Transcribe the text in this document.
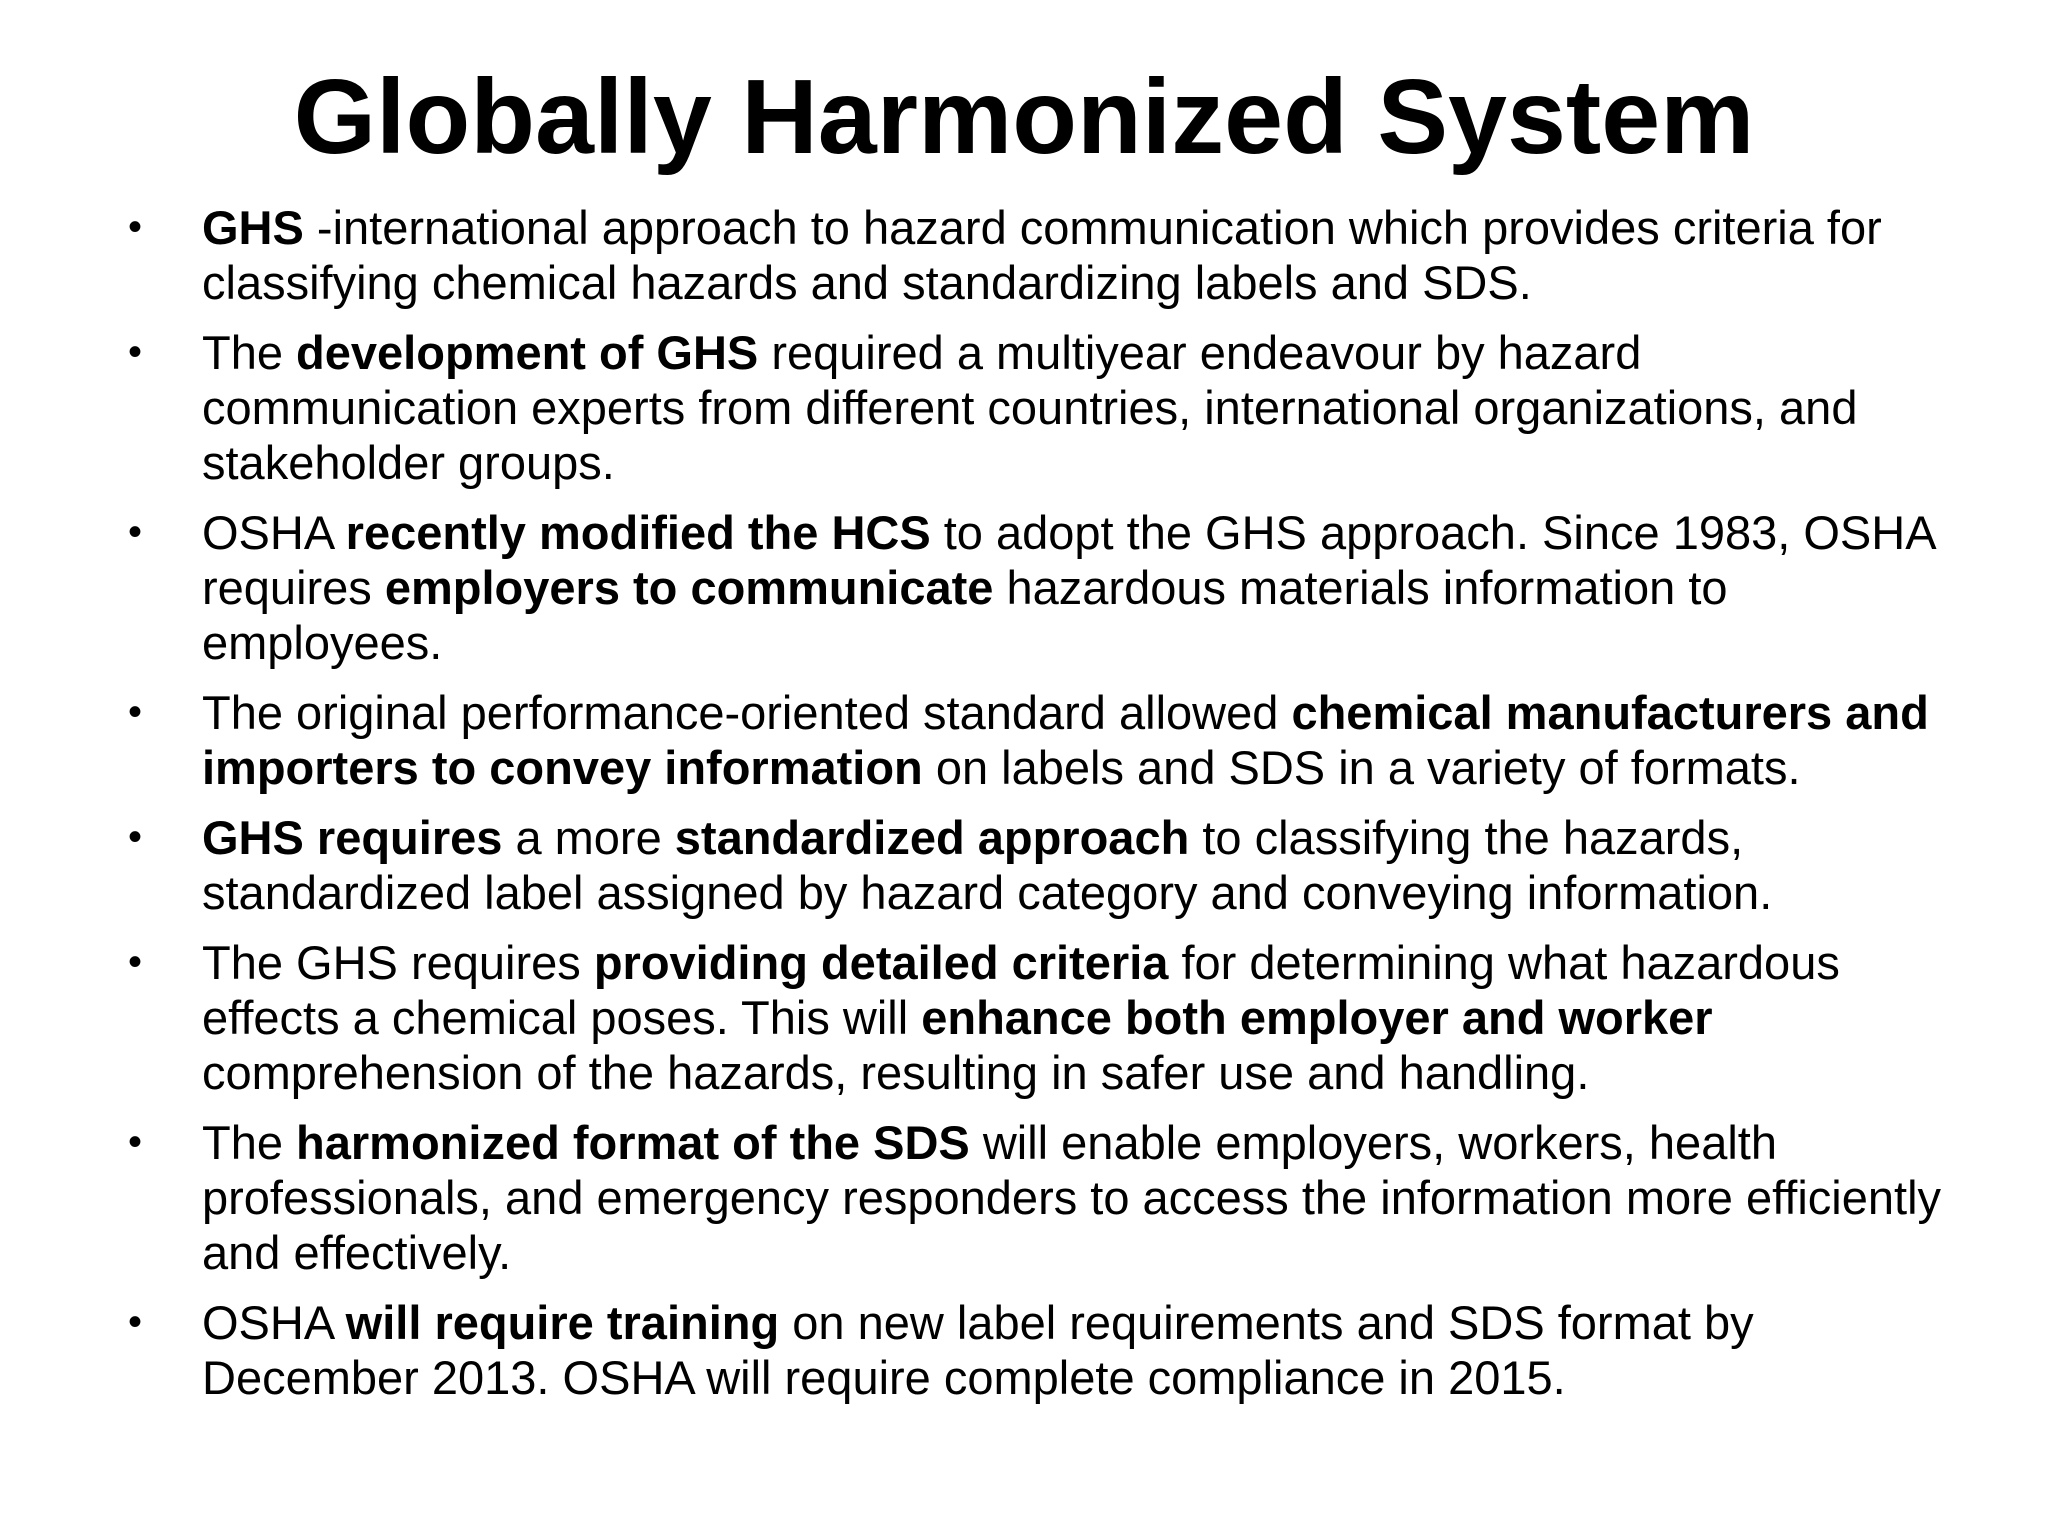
Globally Harmonized System
•	GHS -international approach to hazard communication which provides criteria for classifying chemical hazards and standardizing labels and SDS.
•	The development of GHS required a multiyear endeavour by hazard communication experts from different countries, international organizations, and stakeholder groups.
•	OSHA recently modified the HCS to adopt the GHS approach. Since 1983, OSHA requires employers to communicate hazardous materials information to employees.
•	The original performance-oriented standard allowed chemical manufacturers and importers to convey information on labels and SDS in a variety of formats.
•	GHS requires a more standardized approach to classifying the hazards, standardized label assigned by hazard category and conveying information.
•	The GHS requires providing detailed criteria for determining what hazardous effects a chemical poses. This will enhance both employer and worker comprehension of the hazards, resulting in safer use and handling.
•	The harmonized format of the SDS will enable employers, workers, health professionals, and emergency responders to access the information more efficiently and effectively.
•	OSHA will require training on new label requirements and SDS format by December 2013. OSHA will require complete compliance in 2015.
